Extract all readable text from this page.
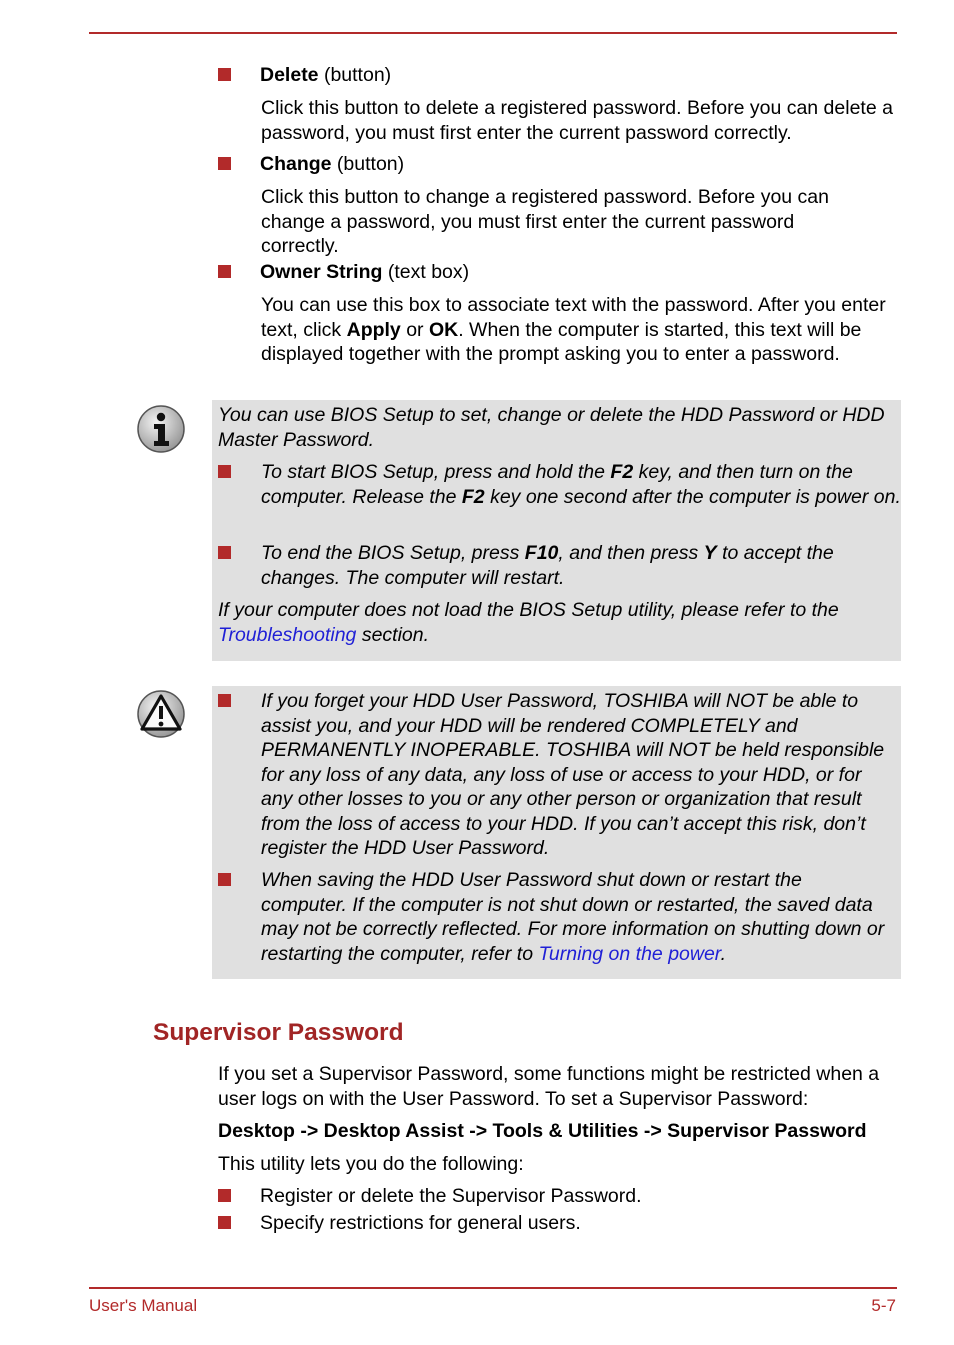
Delete (button)
Click this button to delete a registered password. Before you can delete a password, you must first enter the current password correctly.
Change (button)
Click this button to change a registered password. Before you can change a password, you must first enter the current password correctly.
Owner String (text box)
You can use this box to associate text with the password. After you enter text, click Apply or OK. When the computer is started, this text will be displayed together with the prompt asking you to enter a password.
You can use BIOS Setup to set, change or delete the HDD Password or HDD Master Password.
To start BIOS Setup, press and hold the F2 key, and then turn on the computer. Release the F2 key one second after the computer is power on.
To end the BIOS Setup, press F10, and then press Y to accept the changes. The computer will restart.
If your computer does not load the BIOS Setup utility, please refer to the Troubleshooting section.
If you forget your HDD User Password, TOSHIBA will NOT be able to assist you, and your HDD will be rendered COMPLETELY and PERMANENTLY INOPERABLE. TOSHIBA will NOT be held responsible for any loss of any data, any loss of use or access to your HDD, or for any other losses to you or any other person or organization that result from the loss of access to your HDD. If you can’t accept this risk, don’t register the HDD User Password.
When saving the HDD User Password shut down or restart the computer. If the computer is not shut down or restarted, the saved data may not be correctly reflected. For more information on shutting down or restarting the computer, refer to Turning on the power.
Supervisor Password
If you set a Supervisor Password, some functions might be restricted when a user logs on with the User Password. To set a Supervisor Password:
Desktop -> Desktop Assist -> Tools & Utilities -> Supervisor Password
This utility lets you do the following:
Register or delete the Supervisor Password.
Specify restrictions for general users.
User's Manual	5-7
